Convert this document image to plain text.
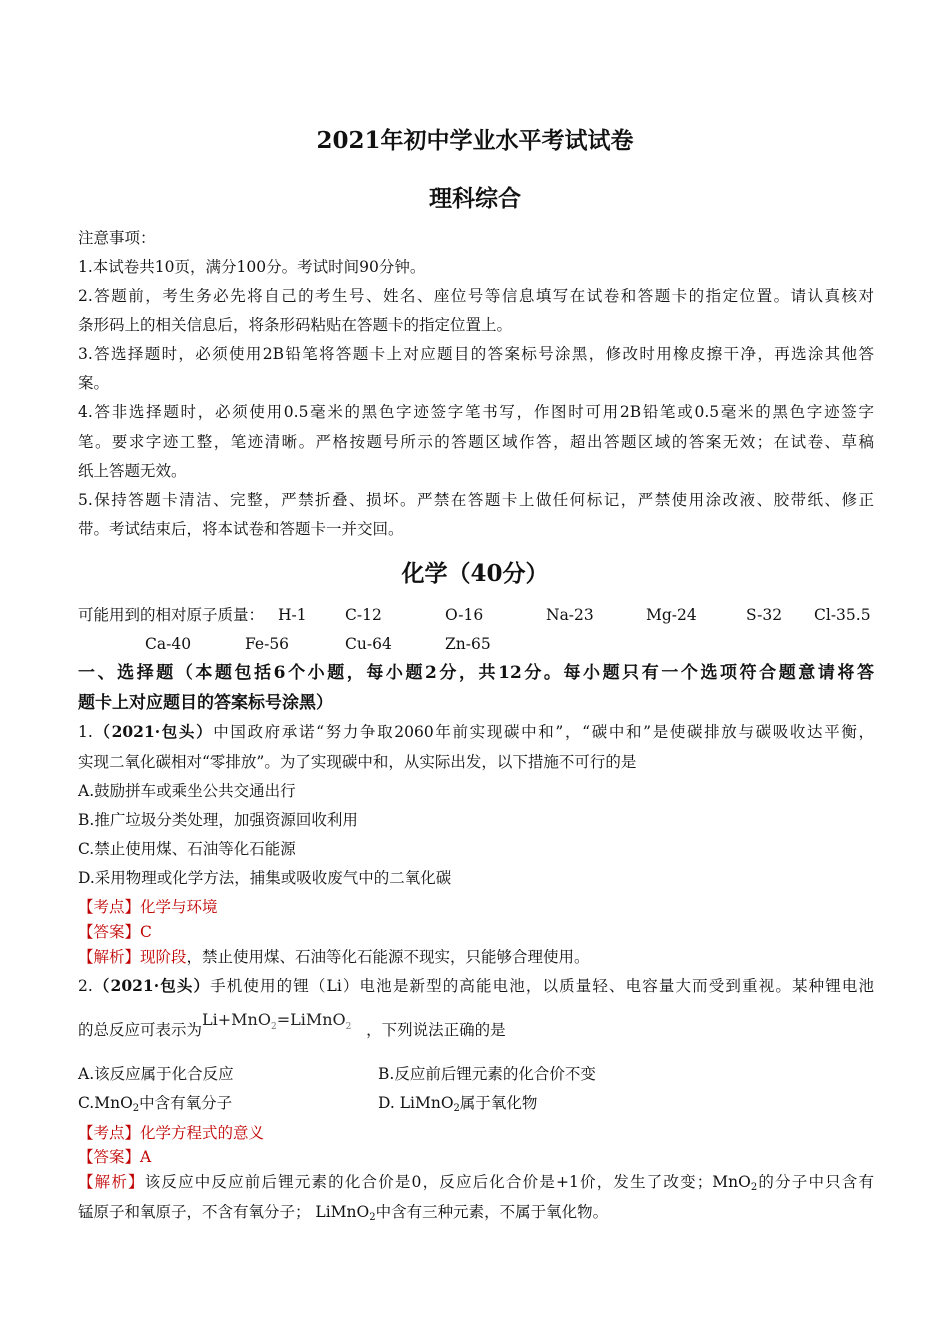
2021年初中学业水平考试试卷
理科综合
注意事项：
1.本试卷共10页，满分100分。考试时间90分钟。
2.答题前，考生务必先将自己的考生号、姓名、座位号等信息填写在试卷和答题卡的指定位置。请认真核对
条形码上的相关信息后，将条形码粘贴在答题卡的指定位置上。
3.答选择题时，必须使用2B铅笔将答题卡上对应题目的答案标号涂黑，修改时用橡皮擦干净，再选涂其他答
案。
4.答非选择题时，必须使用0.5毫米的黑色字迹签字笔书写，作图时可用2B铅笔或0.5毫米的黑色字迹签字
笔。要求字迹工整，笔迹清晰。严格按题号所示的答题区域作答，超出答题区域的答案无效；在试卷、草稿
纸上答题无效。
5.保持答题卡清洁、完整，严禁折叠、损坏。严禁在答题卡上做任何标记，严禁使用涂改液、胶带纸、修正
带。考试结束后，将本试卷和答题卡一并交回。
化学（40分）
可能用到的相对原子质量： H-1 C-12	O-16	Na-23	Mg-24	S-32 Cl-35.5
Ca-40	Fe-56	Cu-64	Zn-65
一、选择题（本题包括6个小题，每小题2分，共12分。每小题只有一个选项符合题意请将答
题卡上对应题目的答案标号涂黑）
1.（2021·包头）中国政府承诺“努力争取2060年前实现碳中和”，“碳中和”是使碳排放与碳吸收达平衡，
实现二氧化碳相对“零排放”。为了实现碳中和，从实际出发，以下措施不可行的是
A.鼓励拼车或乘坐公共交通出行
B.推广垃圾分类处理，加强资源回收利用
C.禁止使用煤、石油等化石能源
D.采用物理或化学方法，捕集或吸收废气中的二氧化碳
【考点】化学与环境
【答案】C
【解析】现阶段，禁止使用煤、石油等化石能源不现实，只能够合理使用。
2.（2021·包头）手机使用的锂（Li）电池是新型的高能电池，以质量轻、电容量大而受到重视。某种锂电池
的总反应可表示为Li+MnO$_2$=LiMnO$_2$ ，下列说法正确的是
A.该反应属于化合反应	B.反应前后锂元素的化合价不变
C.MnO$_2$中含有氧分子	D. LiMnO$_2$属于氧化物
【考点】化学方程式的意义
【答案】A
【解析】该反应中反应前后锂元素的化合价是0，反应后化合价是+1价，发生了改变；MnO$_2$的分子中只含有
锰原子和氧原子，不含有氧分子； LiMnO$_2$中含有三种元素，不属于氧化物。
